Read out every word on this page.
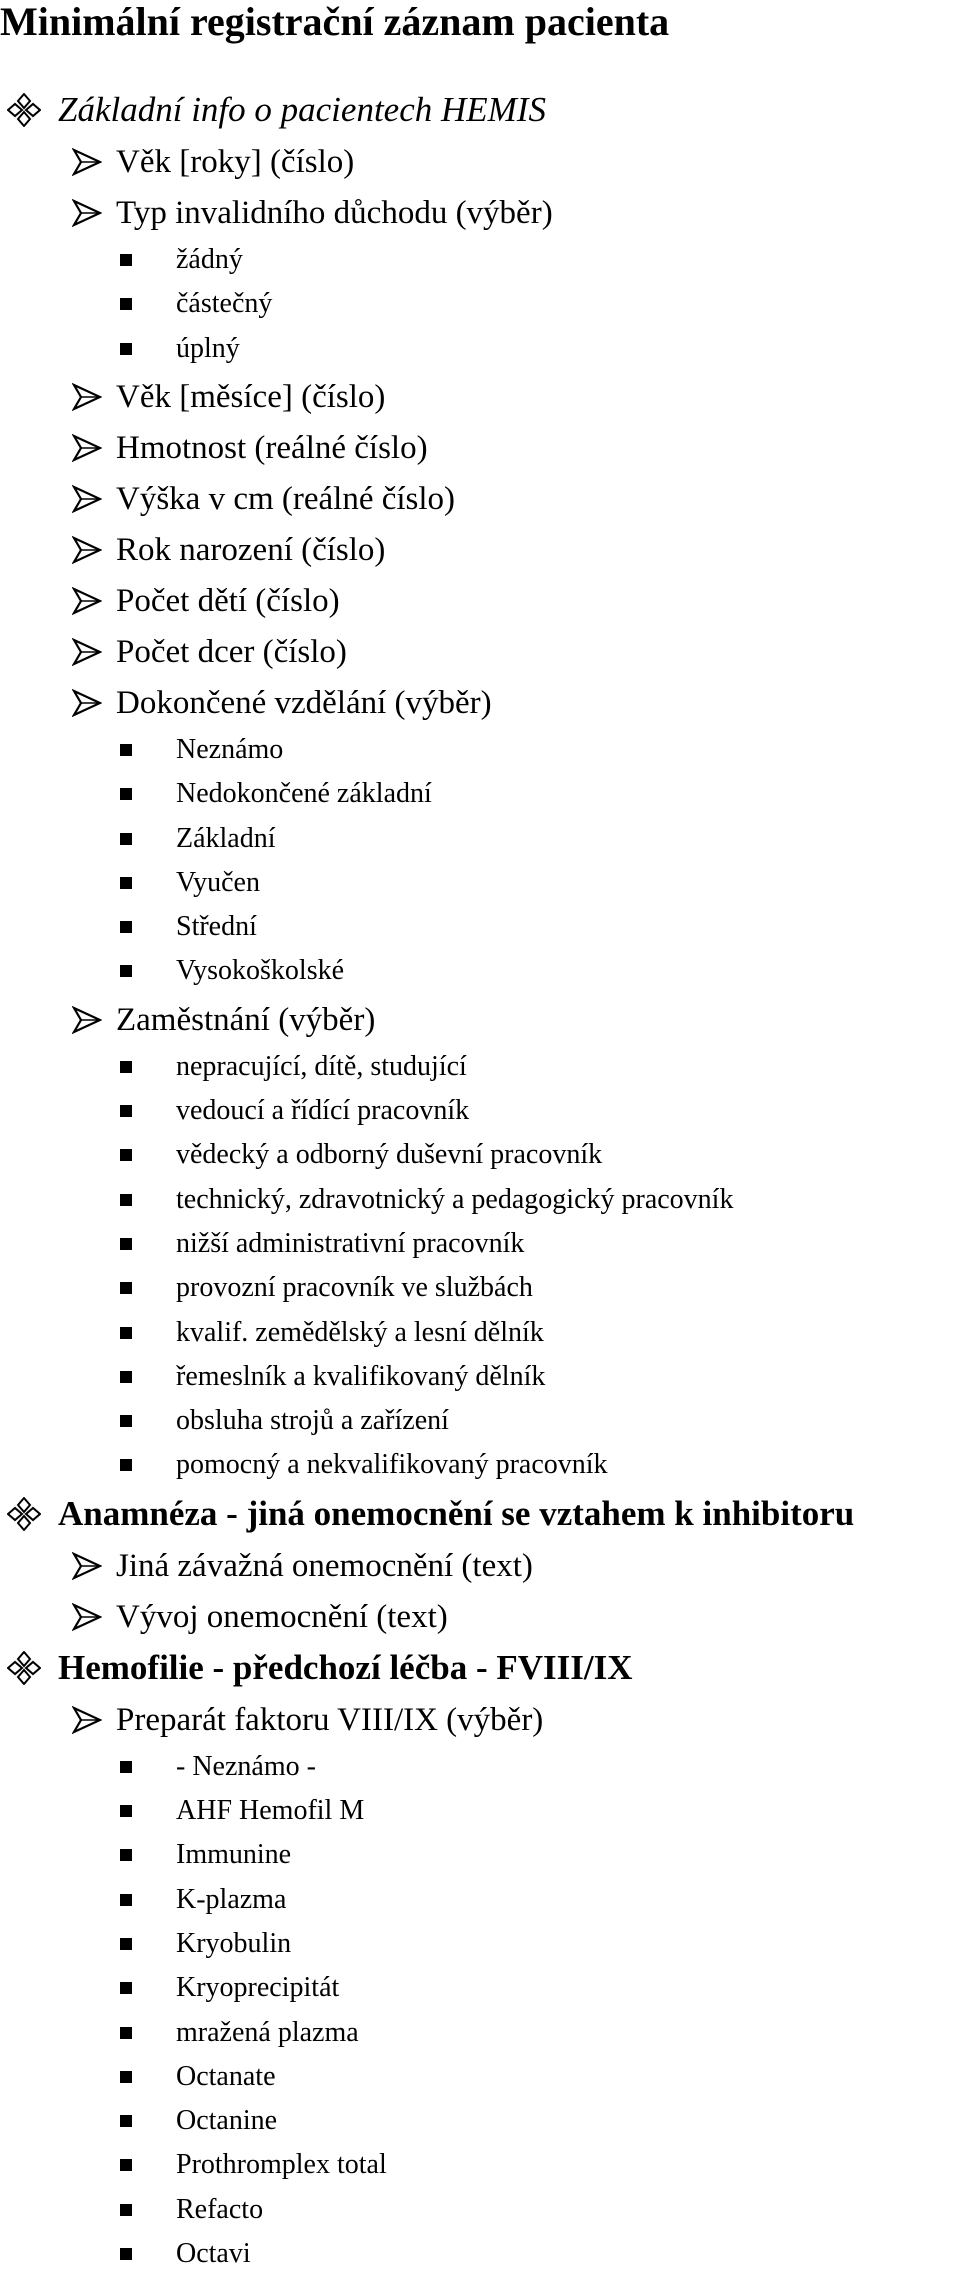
Minimální registrační záznam pacienta
Základní info o pacientech HEMIS
Věk [roky] (číslo)
Typ invalidního důchodu (výběr)
žádný
částečný
úplný
Věk [měsíce] (číslo)
Hmotnost (reálné číslo)
Výška v cm (reálné číslo)
Rok narození (číslo)
Počet dětí (číslo)
Počet dcer (číslo)
Dokončené vzdělání (výběr)
Neznámo
Nedokončené základní
Základní
Vyučen
Střední
Vysokoškolské
Zaměstnání (výběr)
nepracující, dítě, studující
vedoucí a řídící pracovník
vědecký a odborný duševní pracovník
technický, zdravotnický a pedagogický pracovník
nižší administrativní pracovník
provozní pracovník ve službách
kvalif. zemědělský a lesní dělník
řemeslník a kvalifikovaný dělník
obsluha strojů a zařízení
pomocný a nekvalifikovaný pracovník
Anamnéza - jiná onemocnění se vztahem k inhibitoru
Jiná závažná onemocnění (text)
Vývoj onemocnění (text)
Hemofilie - předchozí léčba - FVIII/IX
Preparát faktoru VIII/IX (výběr)
- Neznámo -
AHF Hemofil M
Immunine
K-plazma
Kryobulin
Kryoprecipitát
mražená plazma
Octanate
Octanine
Prothromplex total
Refacto
Octavi
